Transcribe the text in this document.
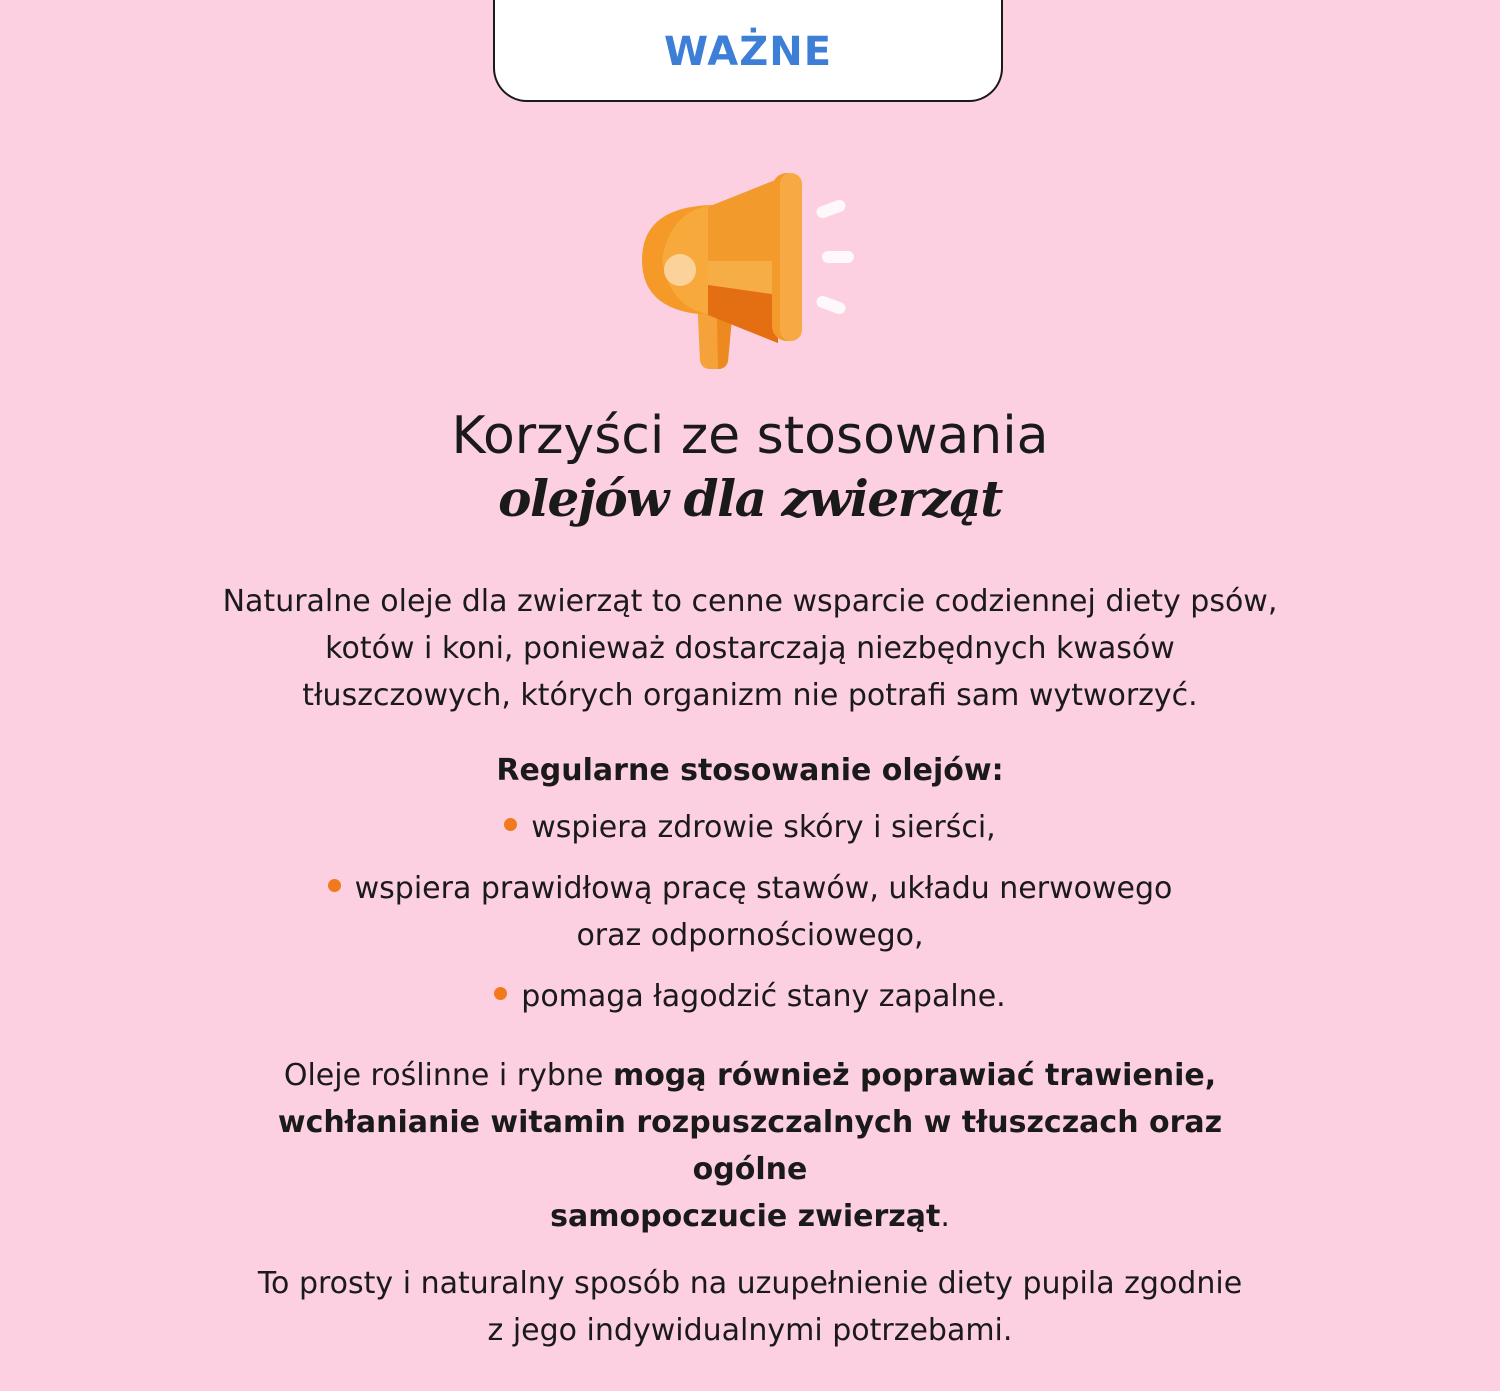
WAŻNE
Korzyści ze stosowania
olejów dla zwierząt

Naturalne oleje dla zwierząt to cenne wsparcie codziennej diety psów,
kotów i koni, ponieważ dostarczają niezbędnych kwasów
tłuszczowych, których organizm nie potrafi sam wytworzyć.

Regularne stosowanie olejów:

wspiera zdrowie skóry i sierści,
wspiera prawidłową pracę stawów, układu nerwowego
oraz odpornościowego,
pomaga łagodzić stany zapalne.

Oleje roślinne i rybne mogą również poprawiać trawienie,
wchłanianie witamin rozpuszczalnych w tłuszczach oraz ogólne
samopoczucie zwierząt.

To prosty i naturalny sposób na uzupełnienie diety pupila zgodnie
z jego indywidualnymi potrzebami.
